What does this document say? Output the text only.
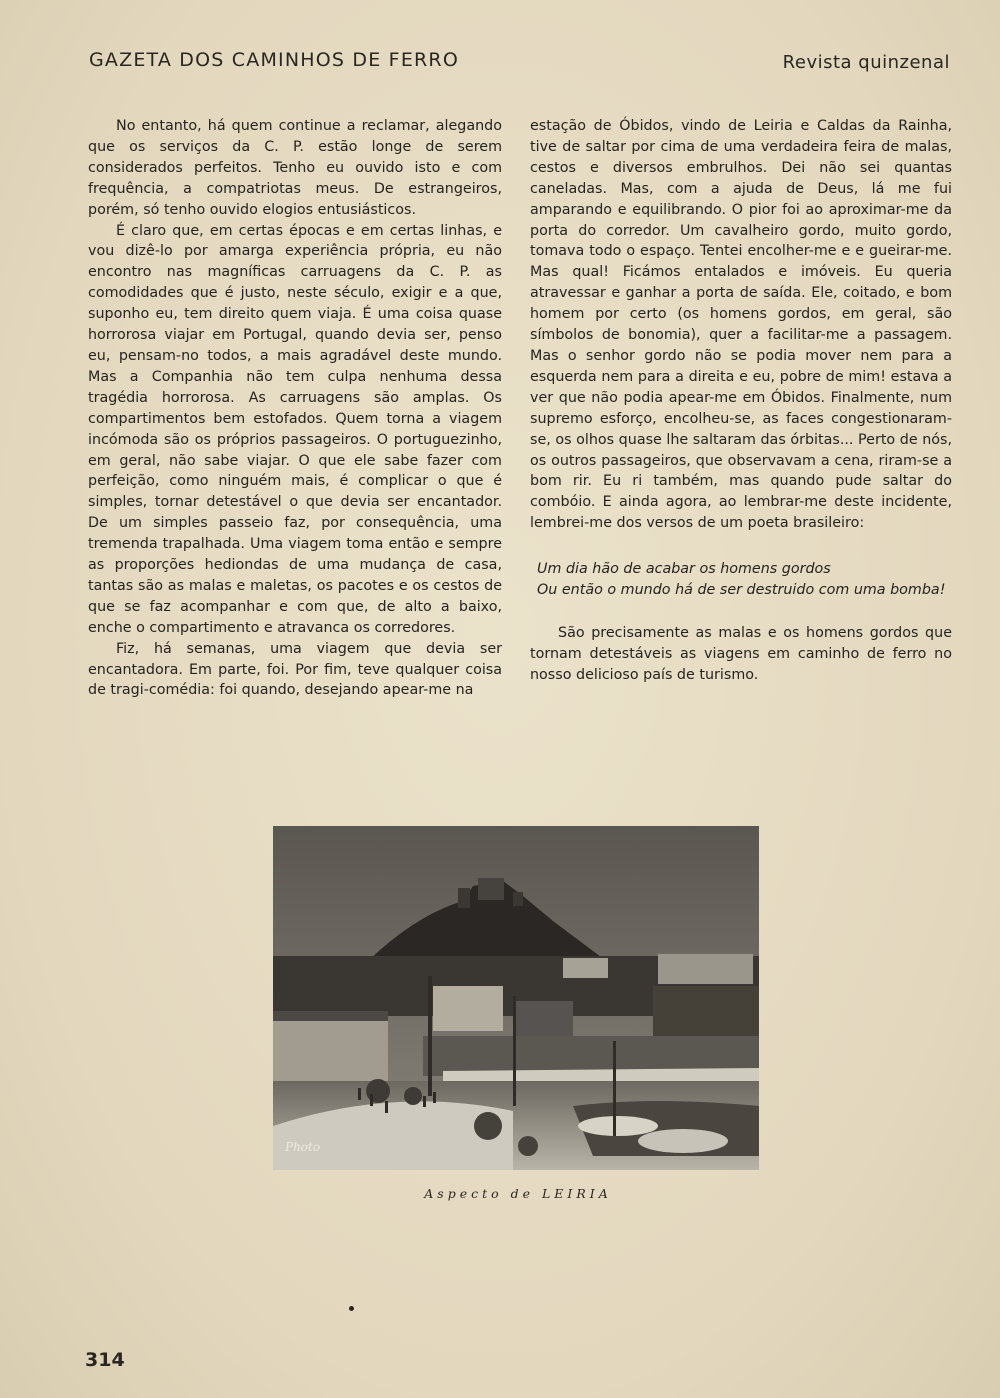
GAZETA DOS CAMINHOS DE FERRO	Revista quinzenal

No entanto, há quem continue a reclamar, alegando que os serviços da C. P. estão longe de serem considerados perfeitos. Tenho eu ouvido isto e com frequência, a compatriotas meus. De estrangeiros, porém, só tenho ouvido elogios entusiásticos.

É claro que, em certas épocas e em certas linhas, e vou dizê-lo por amarga experiência própria, eu não encontro nas magníficas carruagens da C. P. as comodidades que é justo, neste século, exigir e a que, suponho eu, tem direito quem viaja. É uma coisa quase horrorosa viajar em Portugal, quando devia ser, penso eu, pensam-no todos, a mais agradável deste mundo. Mas a Companhia não tem culpa nenhuma dessa tragédia horrorosa. As carruagens são amplas. Os compartimentos bem estofados. Quem torna a viagem incómoda são os próprios passageiros. O portuguezinho, em geral, não sabe viajar. O que ele sabe fazer com perfeição, como ninguém mais, é complicar o que é simples, tornar detestável o que devia ser encantador. De um simples passeio faz, por consequência, uma tremenda trapalhada. Uma viagem toma então e sempre as proporções hediondas de uma mudança de casa, tantas são as malas e maletas, os pacotes e os cestos de que se faz acompanhar e com que, de alto a baixo, enche o compartimento e atravanca os corredores.

Fiz, há semanas, uma viagem que devia ser encantadora. Em parte, foi. Por fim, teve qualquer coisa de tragi-comédia: foi quando, desejando apear-me na

estação de Óbidos, vindo de Leiria e Caldas da Rainha, tive de saltar por cima de uma verdadeira feira de malas, cestos e diversos embrulhos. Dei não sei quantas caneladas. Mas, com a ajuda de Deus, lá me fui amparando e equilibrando. O pior foi ao aproximar-me da porta do corredor. Um cavalheiro gordo, muito gordo, tomava todo o espaço. Tentei encolher-me e e gueirar-me. Mas qual! Ficámos entalados e imóveis. Eu queria atravessar e ganhar a porta de saída. Ele, coitado, e bom homem por certo (os homens gordos, em geral, são símbolos de bonomia), quer a facilitar-me a passagem. Mas o senhor gordo não se podia mover nem para a esquerda nem para a direita e eu, pobre de mim! estava a ver que não podia apear-me em Óbidos. Finalmente, num supremo esforço, encolheu-se, as faces congestionaram-se, os olhos quase lhe saltaram das órbitas... Perto de nós, os outros passageiros, que observavam a cena, riram-se a bom rir. Eu ri também, mas quando pude saltar do combóio. E ainda agora, ao lembrar-me deste incidente, lembrei-me dos versos de um poeta brasileiro:

Um dia hão de acabar os homens gordos
Ou então o mundo há de ser destruido com uma bomba!

São precisamente as malas e os homens gordos que tornam detestáveis as viagens em caminho de ferro no nosso delicioso país de turismo.

Photo
Aspecto de LEIRIA
314
